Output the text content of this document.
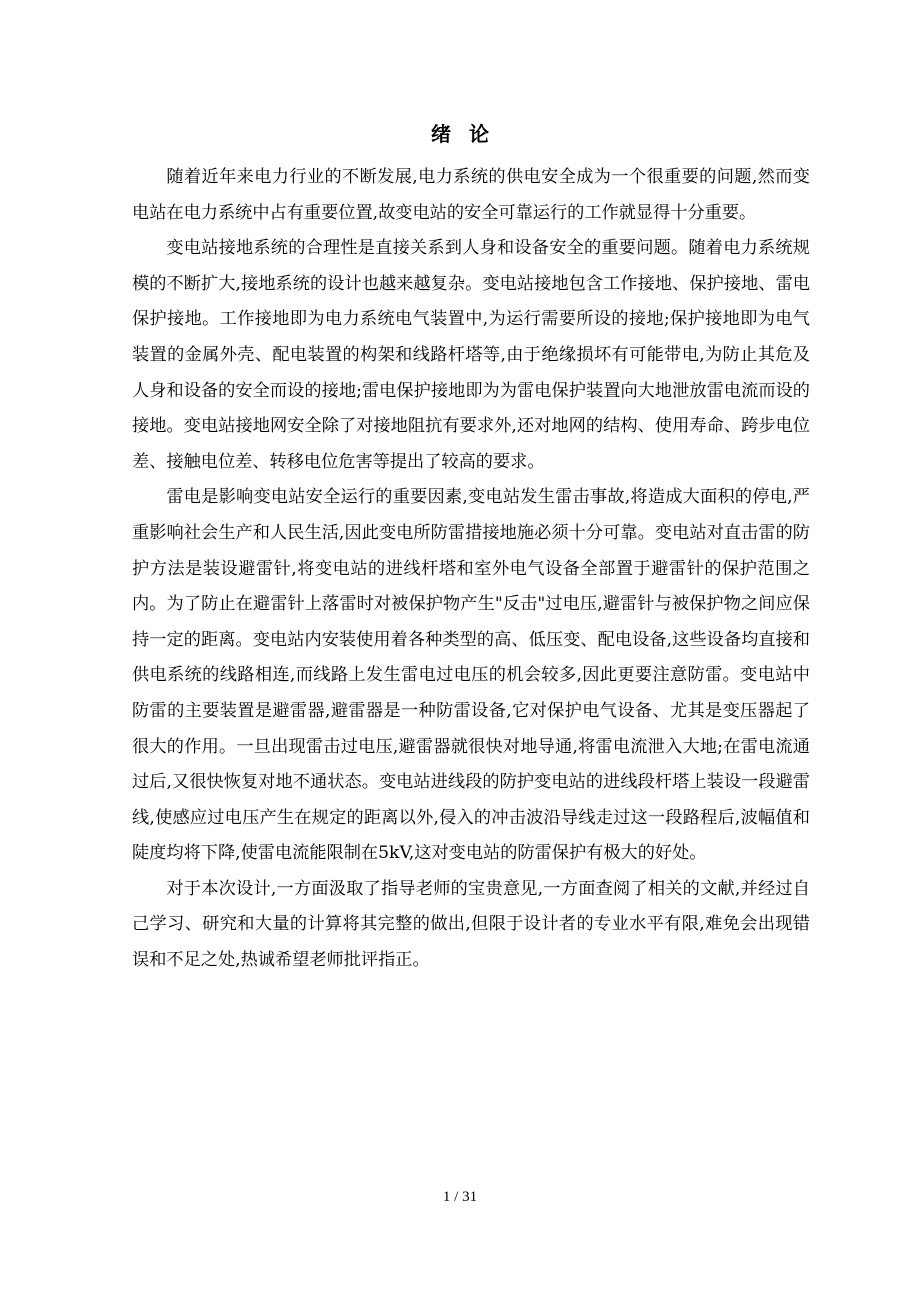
绪论

随着近年来电力行业的不断发展,电力系统的供电安全成为一个很重要的问题,然而变电站在电力系统中占有重要位置,故变电站的安全可靠运行的工作就显得十分重要。

变电站接地系统的合理性是直接关系到人身和设备安全的重要问题。随着电力系统规模的不断扩大,接地系统的设计也越来越复杂。变电站接地包含工作接地、保护接地、雷电保护接地。工作接地即为电力系统电气装置中,为运行需要所设的接地;保护接地即为电气装置的金属外壳、配电装置的构架和线路杆塔等,由于绝缘损坏有可能带电,为防止其危及人身和设备的安全而设的接地;雷电保护接地即为为雷电保护装置向大地泄放雷电流而设的接地。变电站接地网安全除了对接地阻抗有要求外,还对地网的结构、使用寿命、跨步电位差、接触电位差、转移电位危害等提出了较高的要求。

雷电是影响变电站安全运行的重要因素,变电站发生雷击事故,将造成大面积的停电,严重影响社会生产和人民生活,因此变电所防雷措接地施必须十分可靠。变电站对直击雷的防护方法是装设避雷针,将变电站的进线杆塔和室外电气设备全部置于避雷针的保护范围之内。为了防止在避雷针上落雷时对被保护物产生"反击"过电压,避雷针与被保护物之间应保持一定的距离。变电站内安装使用着各种类型的高、低压变、配电设备,这些设备均直接和供电系统的线路相连,而线路上发生雷电过电压的机会较多,因此更要注意防雷。变电站中防雷的主要装置是避雷器,避雷器是一种防雷设备,它对保护电气设备、尤其是变压器起了很大的作用。一旦出现雷击过电压,避雷器就很快对地导通,将雷电流泄入大地;在雷电流通过后,又很快恢复对地不通状态。变电站进线段的防护变电站的进线段杆塔上装设一段避雷线,使感应过电压产生在规定的距离以外,侵入的冲击波沿导线走过这一段路程后,波幅值和陡度均将下降,使雷电流能限制在5kV,这对变电站的防雷保护有极大的好处。

对于本次设计,一方面汲取了指导老师的宝贵意见,一方面查阅了相关的文献,并经过自己学习、研究和大量的计算将其完整的做出,但限于设计者的专业水平有限,难免会出现错误和不足之处,热诚希望老师批评指正。

1 / 31
